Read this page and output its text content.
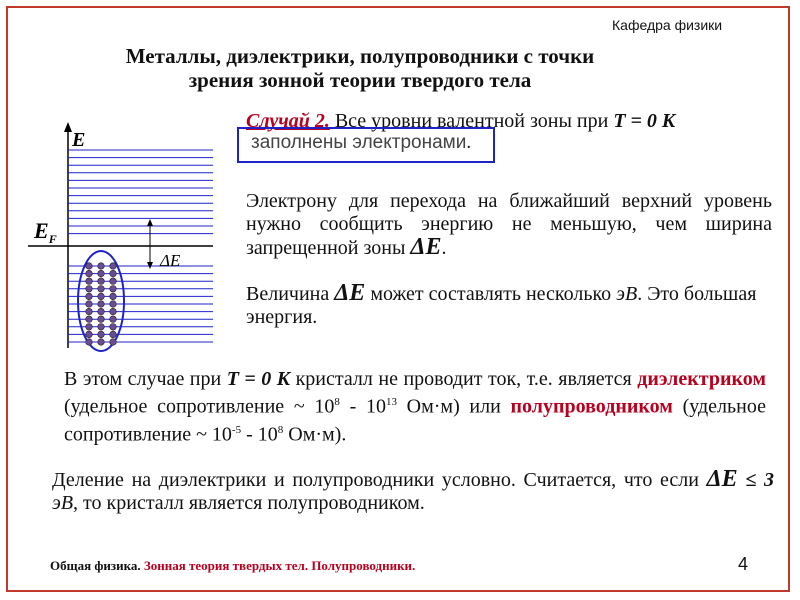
Кафедра физики
Металлы, диэлектрики, полупроводники с точки
зрения зонной теории твердого тела
E
$E_F$
ΔE
Случай 2. Все уровни валентной зоны при T = 0 K
заполнены электронами.
Электрону для перехода на ближайший верхний уровень нужно сообщить энергию не меньшую, чем ширина запрещенной зоны ΔE.
Величина ΔE может составлять несколько эВ. Это большая энергия.
В этом случае при T = 0 K кристалл не проводит ток, т.е. является диэлектриком (удельное сопротивление ~ $10^8 - 10^{13}$ Ом·м) или полупроводником (удельное сопротивление ~ $10^{-5} - 10^8$ Ом·м).
Деление на диэлектрики и полупроводники условно. Считается, что если ΔE ≤ 3 эВ, то кристалл является полупроводником.
Общая физика. Зонная теория твердых тел. Полупроводники.	4
